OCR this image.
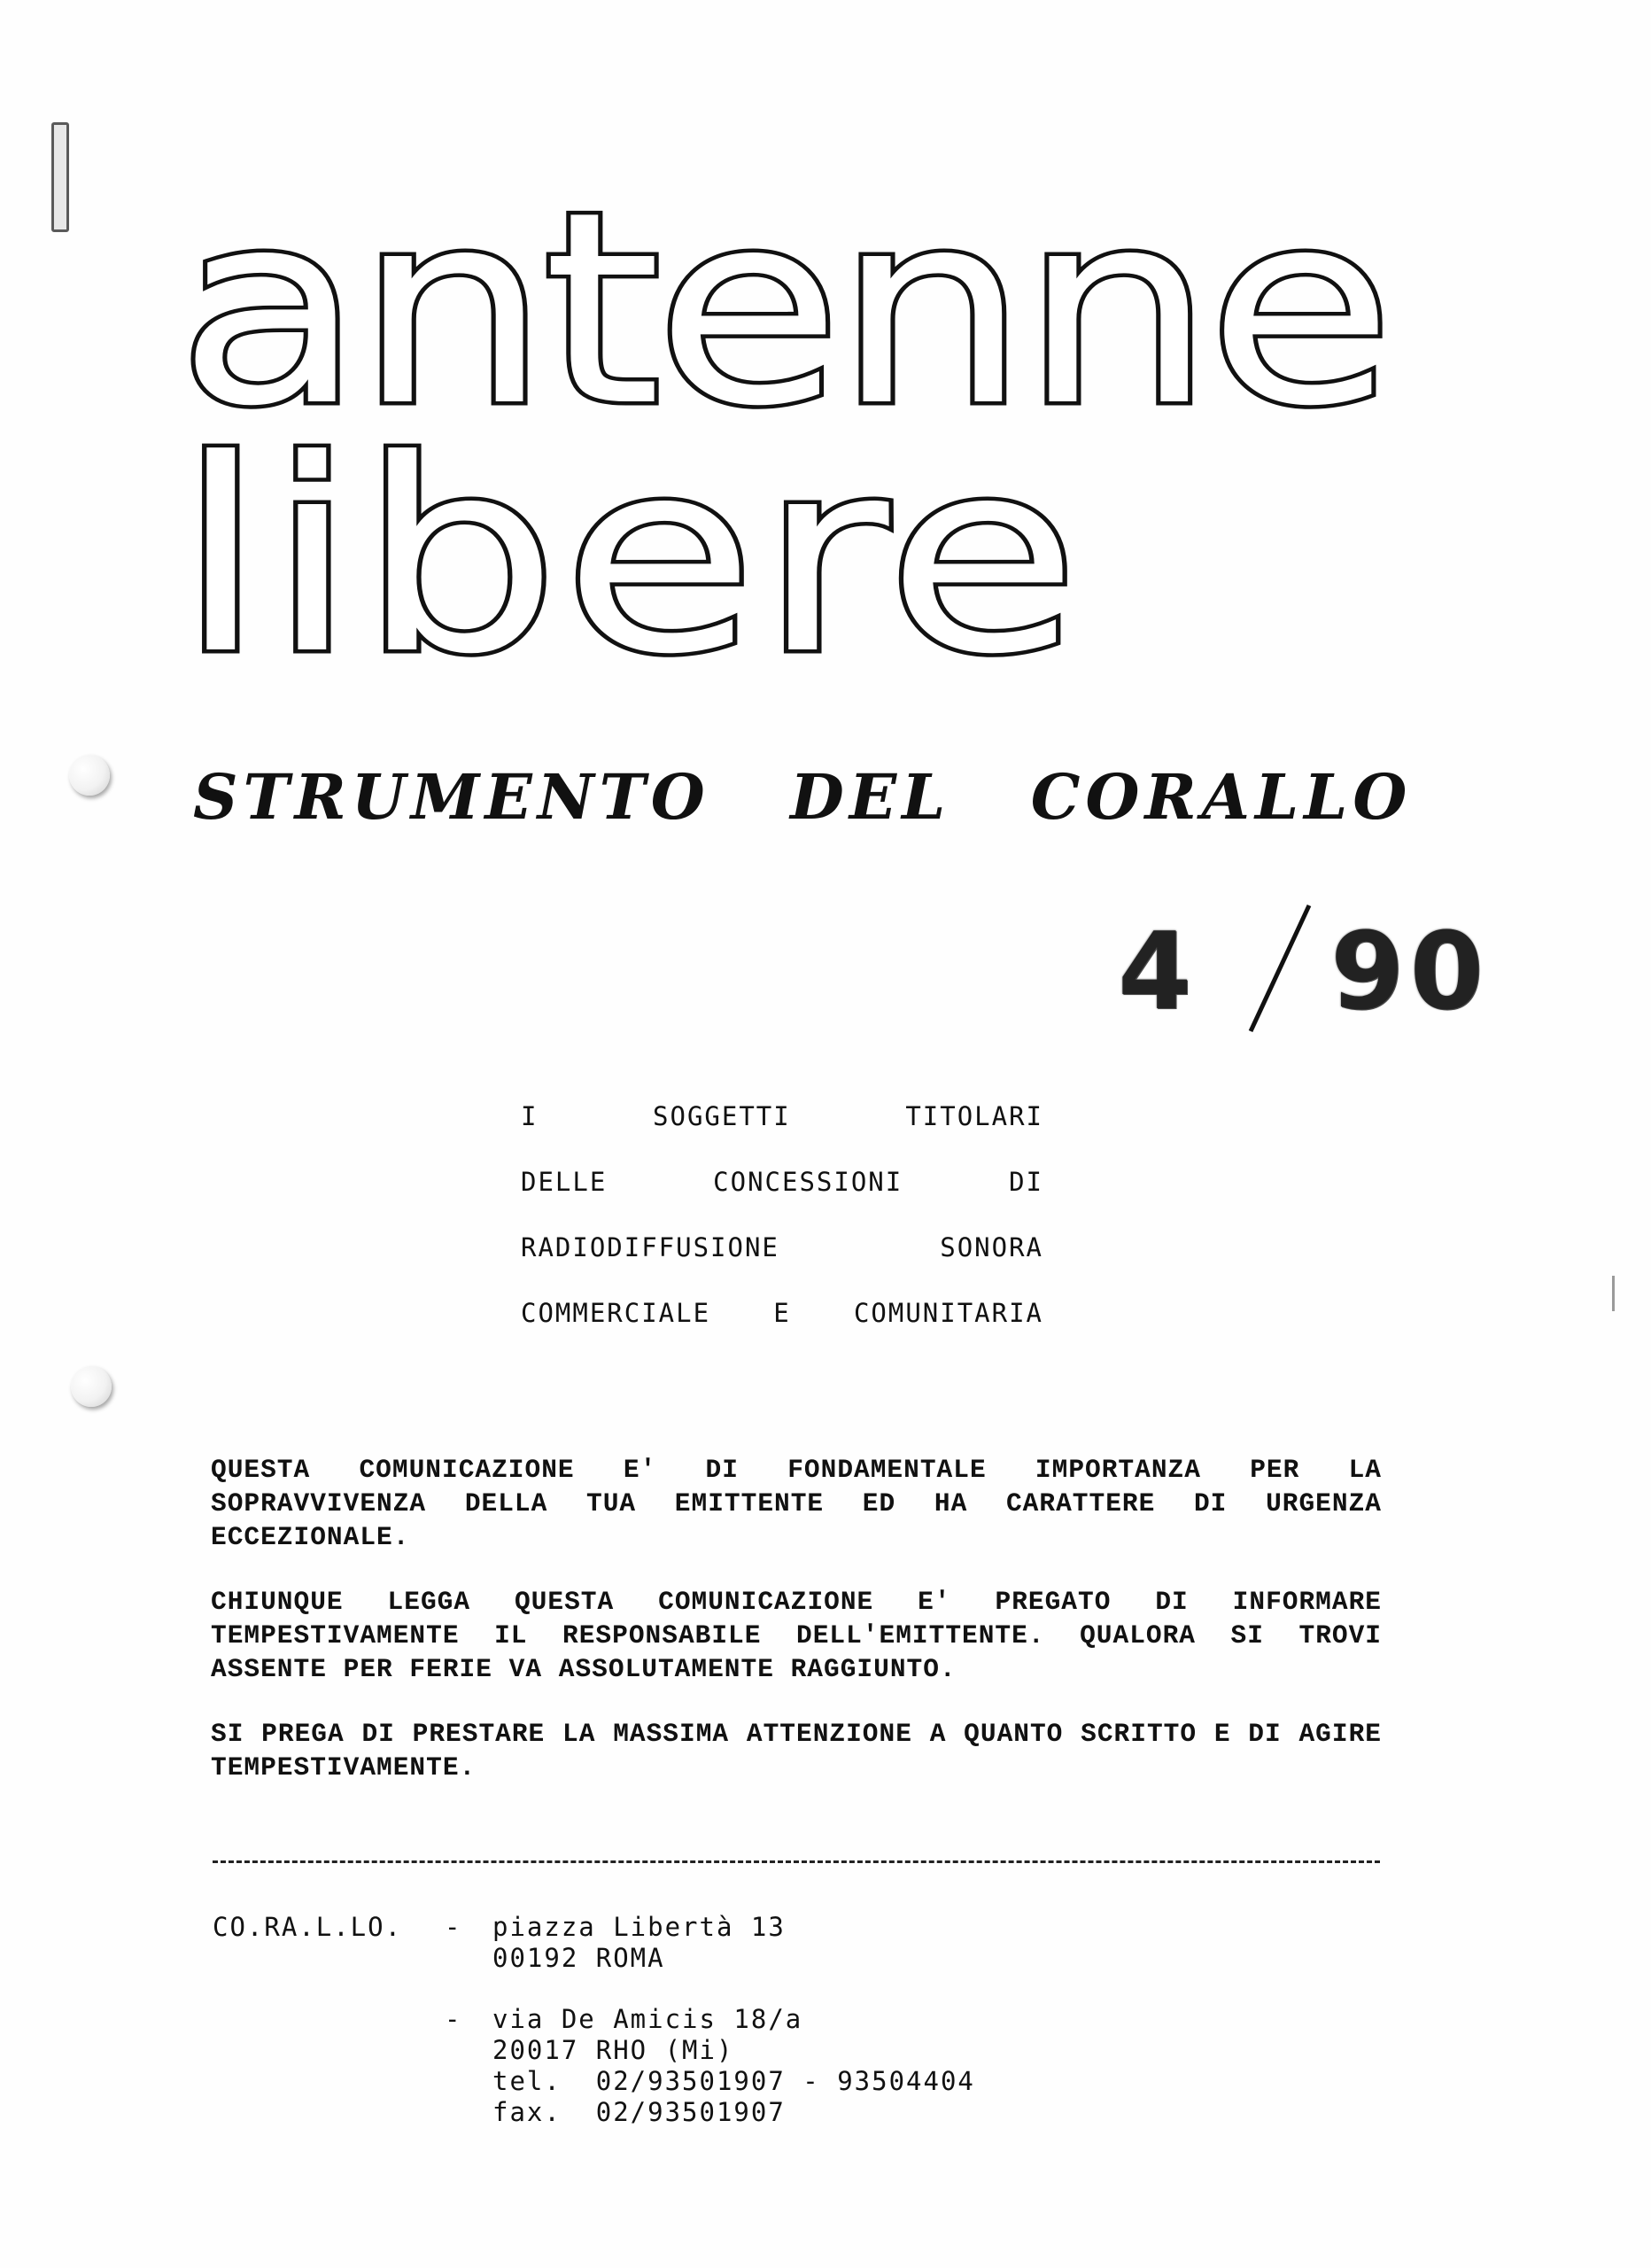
antenne
libere
STRUMENTO DEL CORALLO
4 90
I	SOGGETTI	TITOLARI
DELLE	CONCESSIONI	DI
RADIODIFFUSIONE	SONORA
COMMERCIALE E COMUNITARIA

QUESTA COMUNICAZIONE E' DI FONDAMENTALE IMPORTANZA PER LA SOPRAVVIVENZA DELLA TUA EMITTENTE ED HA CARATTERE DI URGENZA ECCEZIONALE.

CHIUNQUE LEGGA QUESTA COMUNICAZIONE E' PREGATO DI INFORMARE TEMPESTIVAMENTE IL RESPONSABILE DELL'EMITTENTE. QUALORA SI TROVI ASSENTE PER FERIE VA ASSOLUTAMENTE RAGGIUNTO.

SI PREGA DI PRESTARE LA MASSIMA ATTENZIONE A QUANTO SCRITTO E DI AGIRE TEMPESTIVAMENTE.

CO.RA.L.LO.	-	piazza Libertà 13
00192 ROMA
-	via De Amicis 18/a
20017 RHO (Mi)
tel.  02/93501907 - 93504404
fax.  02/93501907
